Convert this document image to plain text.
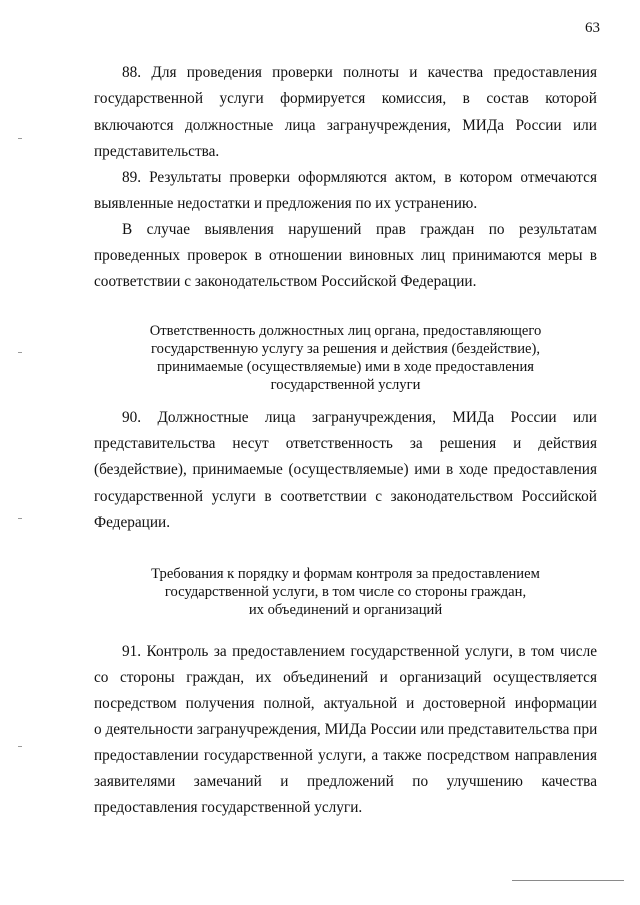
63
88. Для проведения проверки полноты и качества предоставления
государственной услуги формируется комиссия, в состав которой
включаются должностные лица загранучреждения, МИДа России или
представительства.
89. Результаты проверки оформляются актом, в котором отмечаются
выявленные недостатки и предложения по их устранению.
В случае выявления нарушений прав граждан по результатам
проведенных проверок в отношении виновных лиц принимаются меры в
соответствии с законодательством Российской Федерации.
Ответственность должностных лиц органа, предоставляющего
государственную услугу за решения и действия (бездействие),
принимаемые (осуществляемые) ими в ходе предоставления
государственной услуги
90. Должностные лица загранучреждения, МИДа России или
представительства несут ответственность за решения и действия
(бездействие), принимаемые (осуществляемые) ими в ходе предоставления
государственной услуги в соответствии с законодательством Российской
Федерации.
Требования к порядку и формам контроля за предоставлением
государственной услуги, в том числе со стороны граждан,
их объединений и организаций
91. Контроль за предоставлением государственной услуги, в том числе
со стороны граждан, их объединений и организаций осуществляется
посредством получения полной, актуальной и достоверной информации
о деятельности загранучреждения, МИДа России или представительства при
предоставлении государственной услуги, а также посредством направления
заявителями замечаний и предложений по улучшению качества
предоставления государственной услуги.
